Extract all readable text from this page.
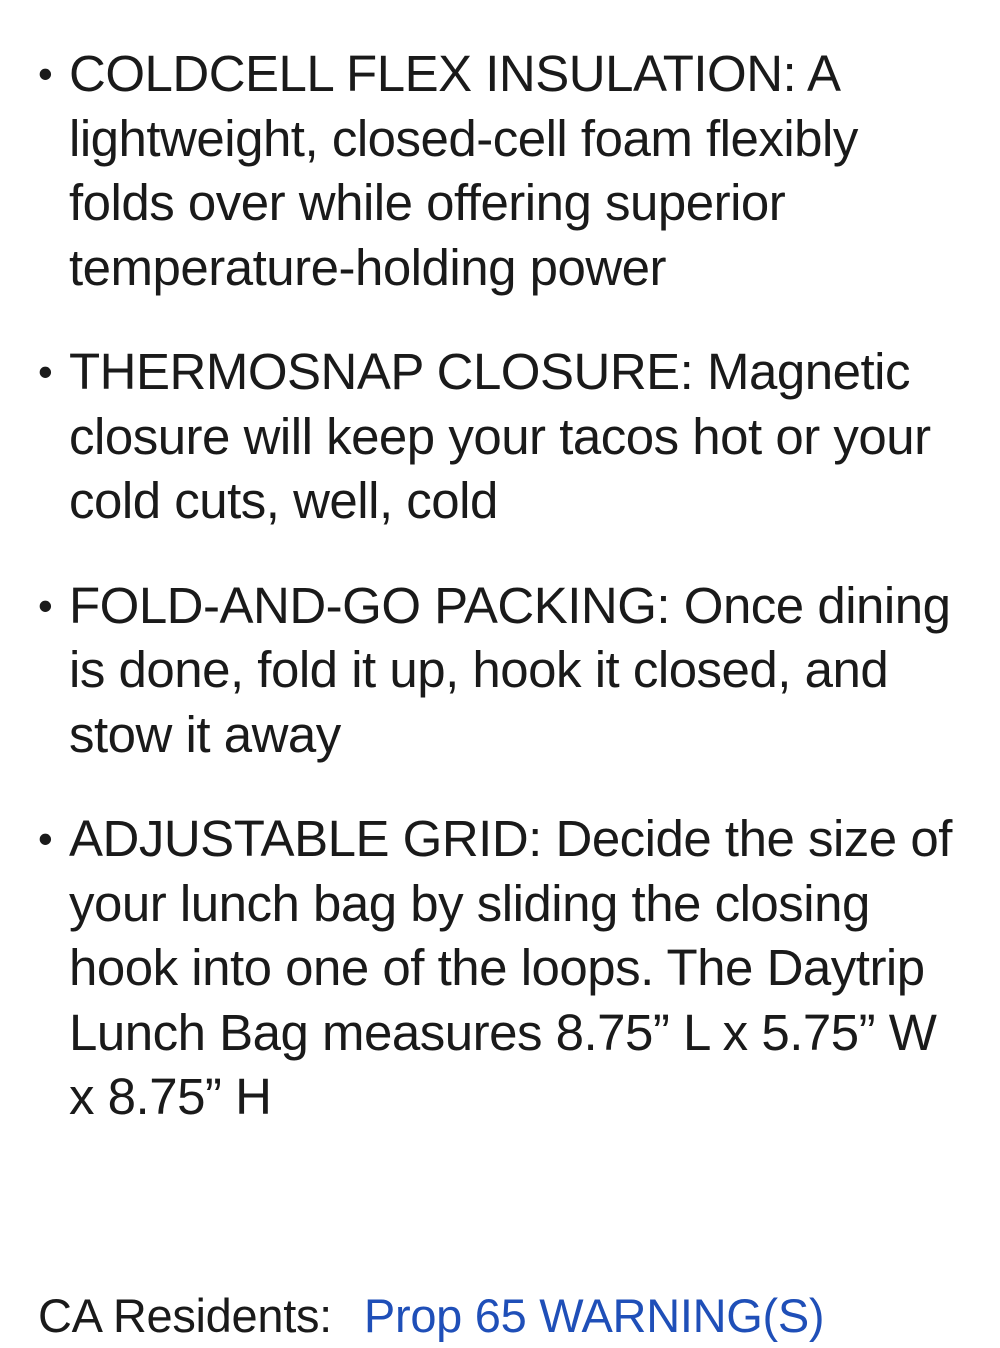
• COLDCELL FLEX INSULATION: A lightweight, closed-cell foam flexibly folds over while offering superior temperature-holding power
• THERMOSNAP CLOSURE: Magnetic closure will keep your tacos hot or your cold cuts, well, cold
• FOLD-AND-GO PACKING: Once dining is done, fold it up, hook it closed, and stow it away
• ADJUSTABLE GRID: Decide the size of your lunch bag by sliding the closing hook into one of the loops. The Daytrip Lunch Bag measures 8.75” L x 5.75” W x 8.75” H
CA Residents: Prop 65 WARNING(S)
